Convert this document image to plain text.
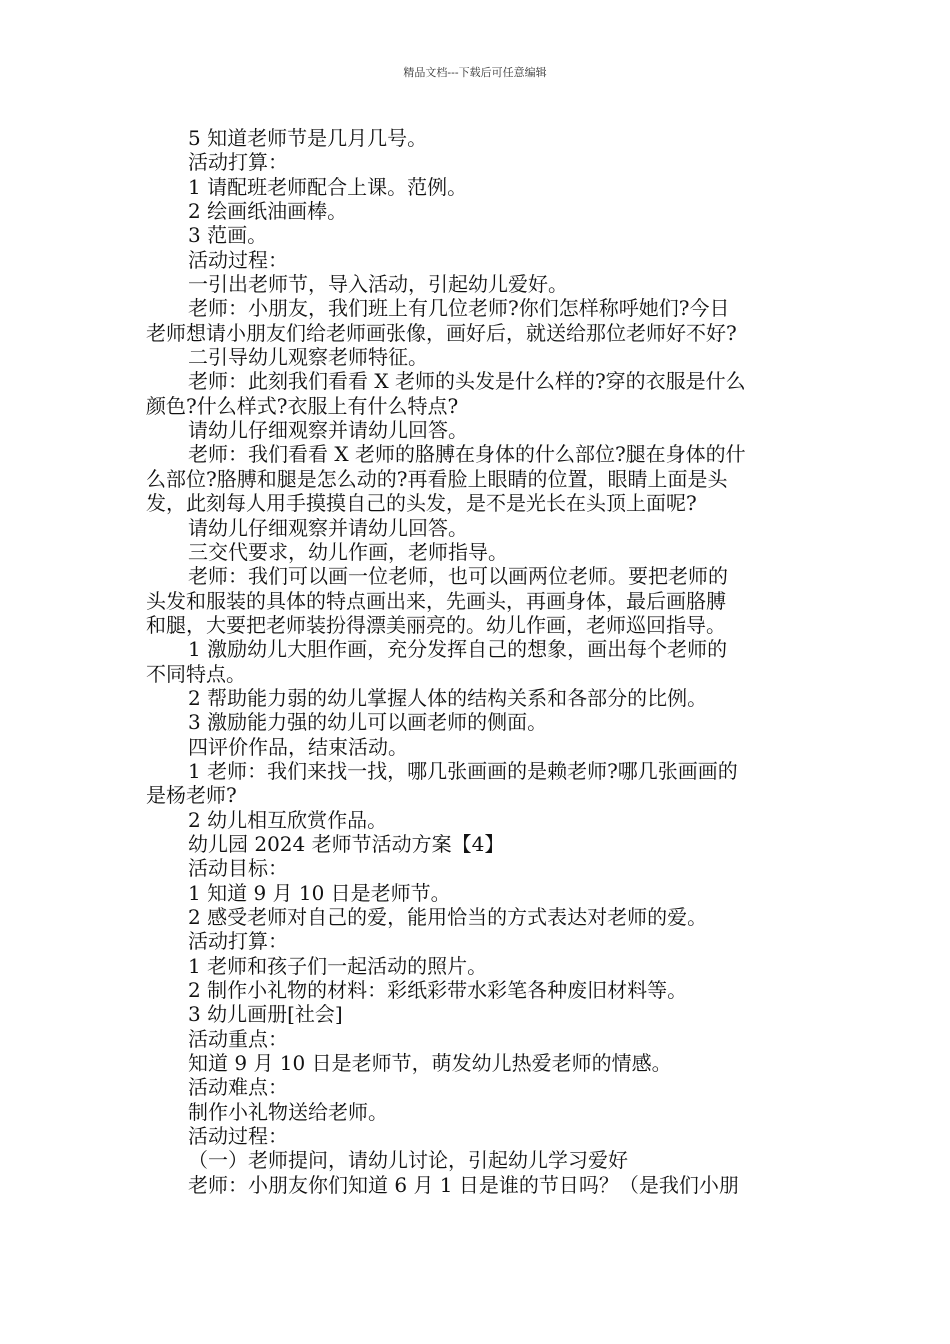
精品文档---下载后可任意编辑
5 知道老师节是几月几号。
活动打算：
1 请配班老师配合上课。范例。
2 绘画纸油画棒。
3 范画。
活动过程：
一引出老师节，导入活动，引起幼儿爱好。
老师：小朋友，我们班上有几位老师?你们怎样称呼她们?今日
老师想请小朋友们给老师画张像，画好后，就送给那位老师好不好?
二引导幼儿观察老师特征。
老师：此刻我们看看 X 老师的头发是什么样的?穿的衣服是什么
颜色?什么样式?衣服上有什么特点?
请幼儿仔细观察并请幼儿回答。
老师：我们看看 X 老师的胳膊在身体的什么部位?腿在身体的什
么部位?胳膊和腿是怎么动的?再看脸上眼睛的位置，眼睛上面是头
发，此刻每人用手摸摸自己的头发，是不是光长在头顶上面呢?
请幼儿仔细观察并请幼儿回答。
三交代要求，幼儿作画，老师指导。
老师：我们可以画一位老师，也可以画两位老师。要把老师的
头发和服装的具体的特点画出来，先画头，再画身体，最后画胳膊
和腿，大要把老师装扮得漂美丽亮的。幼儿作画，老师巡回指导。
1 激励幼儿大胆作画，充分发挥自己的想象，画出每个老师的
不同特点。
2 帮助能力弱的幼儿掌握人体的结构关系和各部分的比例。
3 激励能力强的幼儿可以画老师的侧面。
四评价作品，结束活动。
1 老师：我们来找一找，哪几张画画的是赖老师?哪几张画画的
是杨老师?
2 幼儿相互欣赏作品。
幼儿园 2024 老师节活动方案【4】
活动目标：
1 知道 9 月 10 日是老师节。
2 感受老师对自己的爱，能用恰当的方式表达对老师的爱。
活动打算：
1 老师和孩子们一起活动的照片。
2 制作小礼物的材料：彩纸彩带水彩笔各种废旧材料等。
3 幼儿画册[社会]
活动重点：
知道 9 月 10 日是老师节，萌发幼儿热爱老师的情感。
活动难点：
制作小礼物送给老师。
活动过程：
（一）老师提问，请幼儿讨论，引起幼儿学习爱好
老师：小朋友你们知道 6 月 1 日是谁的节日吗？（是我们小朋
